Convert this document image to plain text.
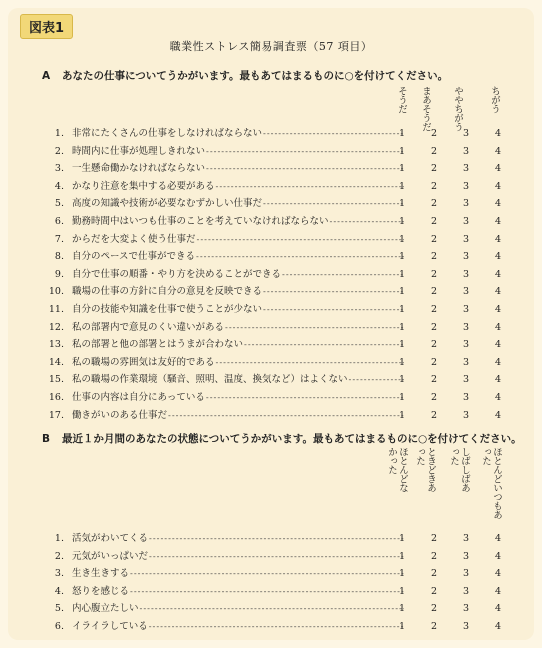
図表1
職業性ストレス簡易調査票（57 項目）
A あなたの仕事についてうかがいます。最もあてはまるものに○を付けてください。
そうだ まあそうだ ややちがう	ちがう
1. 非常にたくさんの仕事をしなければならない -----	1	2	3	4
2. 時間内に仕事が処理しきれない -----	1	2	3	4
3. 一生懸命働かなければならない -----	1	2	3	4
4. かなり注意を集中する必要がある -----	1	2	3	4
5. 高度の知識や技術が必要なむずかしい仕事だ -----	1	2	3	4
6. 勤務時間中はいつも仕事のことを考えていなければならない -----	1	2	3	4
7. からだを大変よく使う仕事だ -----	1	2	3	4
8. 自分のペースで仕事ができる -----	1	2	3	4
9. 自分で仕事の順番・やり方を決めることができる -----	1	2	3	4
10. 職場の仕事の方針に自分の意見を反映できる -----	1	2	3	4
11. 自分の技能や知識を仕事で使うことが少ない -----	1	2	3	4
12. 私の部署内で意見のくい違いがある -----	1	2	3	4
13. 私の部署と他の部署とはうまが合わない -----	1	2	3	4
14. 私の職場の雰囲気は友好的である -----	1	2	3	4
15. 私の職場の作業環境（騒音、照明、温度、換気など）はよくない -----	1	2	3	4
16. 仕事の内容は自分にあっている -----	1	2	3	4
17. 働きがいのある仕事だ -----	1	2	3	4
B 最近１か月間のあなたの状態についてうかがいます。最もあてはまるものに○を付けてください。
ほとんどなかった	ときどきあった	しばしばあった	ほとんどいつもあった
1. 活気がわいてくる -----	1	2	3	4
2. 元気がいっぱいだ -----	1	2	3	4
3. 生き生きする -----	1	2	3	4
4. 怒りを感じる -----	1	2	3	4
5. 内心腹立たしい -----	1	2	3	4
6. イライラしている -----	1	2	3	4
